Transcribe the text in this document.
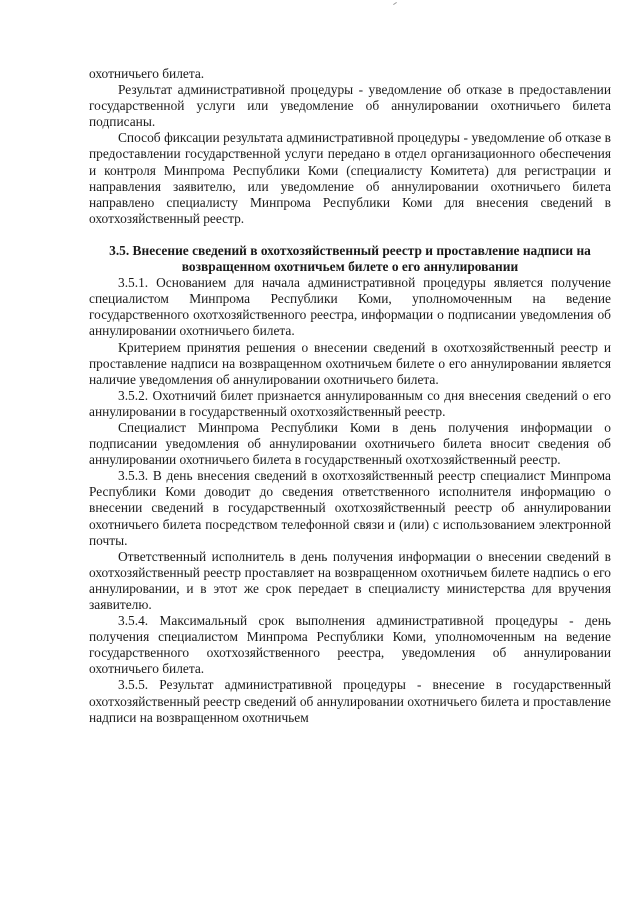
охотничьего билета.

Результат административной процедуры - уведомление об отказе в предоставлении государственной услуги или уведомление об аннулировании охотничьего билета подписаны.

Способ фиксации результата административной процедуры - уведомление об отказе в предоставлении государственной услуги передано в отдел организационного обеспечения и контроля Минпрома Республики Коми (специалисту Комитета) для регистрации и направления заявителю, или уведомление об аннулировании охотничьего билета направлено специалисту Минпрома Республики Коми для внесения сведений в охотхозяйственный реестр.

3.5. Внесение сведений в охотхозяйственный реестр и проставление надписи на возвращенном охотничьем билете о его аннулировании

3.5.1. Основанием для начала административной процедуры является получение специалистом Минпрома Республики Коми, уполномоченным на ведение государственного охотхозяйственного реестра, информации о подписании уведомления об аннулировании охотничьего билета.

Критерием принятия решения о внесении сведений в охотхозяйственный реестр и проставление надписи на возвращенном охотничьем билете о его аннулировании является наличие уведомления об аннулировании охотничьего билета.

3.5.2. Охотничий билет признается аннулированным со дня внесения сведений о его аннулировании в государственный охотхозяйственный реестр.

Специалист Минпрома Республики Коми в день получения информации о подписании уведомления об аннулировании охотничьего билета вносит сведения об аннулировании охотничьего билета в государственный охотхозяйственный реестр.

3.5.3. В день внесения сведений в охотхозяйственный реестр специалист Минпрома Республики Коми доводит до сведения ответственного исполнителя информацию о внесении сведений в государственный охотхозяйственный реестр об аннулировании охотничьего билета посредством телефонной связи и (или) с использованием электронной почты.

Ответственный исполнитель в день получения информации о внесении сведений в охотхозяйственный реестр проставляет на возвращенном охотничьем билете надпись о его аннулировании, и в этот же срок передает в специалисту министерства для вручения заявителю.

3.5.4. Максимальный срок выполнения административной процедуры - день получения специалистом Минпрома Республики Коми, уполномоченным на ведение государственного охотхозяйственного реестра, уведомления об аннулировании охотничьего билета.

3.5.5. Результат административной процедуры - внесение в государственный охотхозяйственный реестр сведений об аннулировании охотничьего билета и проставление надписи на возвращенном охотничьем
